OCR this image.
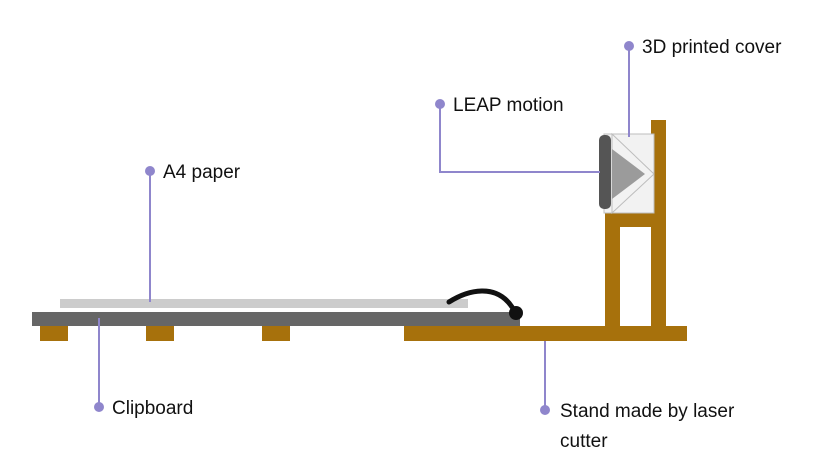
3D printed cover
LEAP motion
A4 paper
Clipboard	Stand made by laser
cutter
